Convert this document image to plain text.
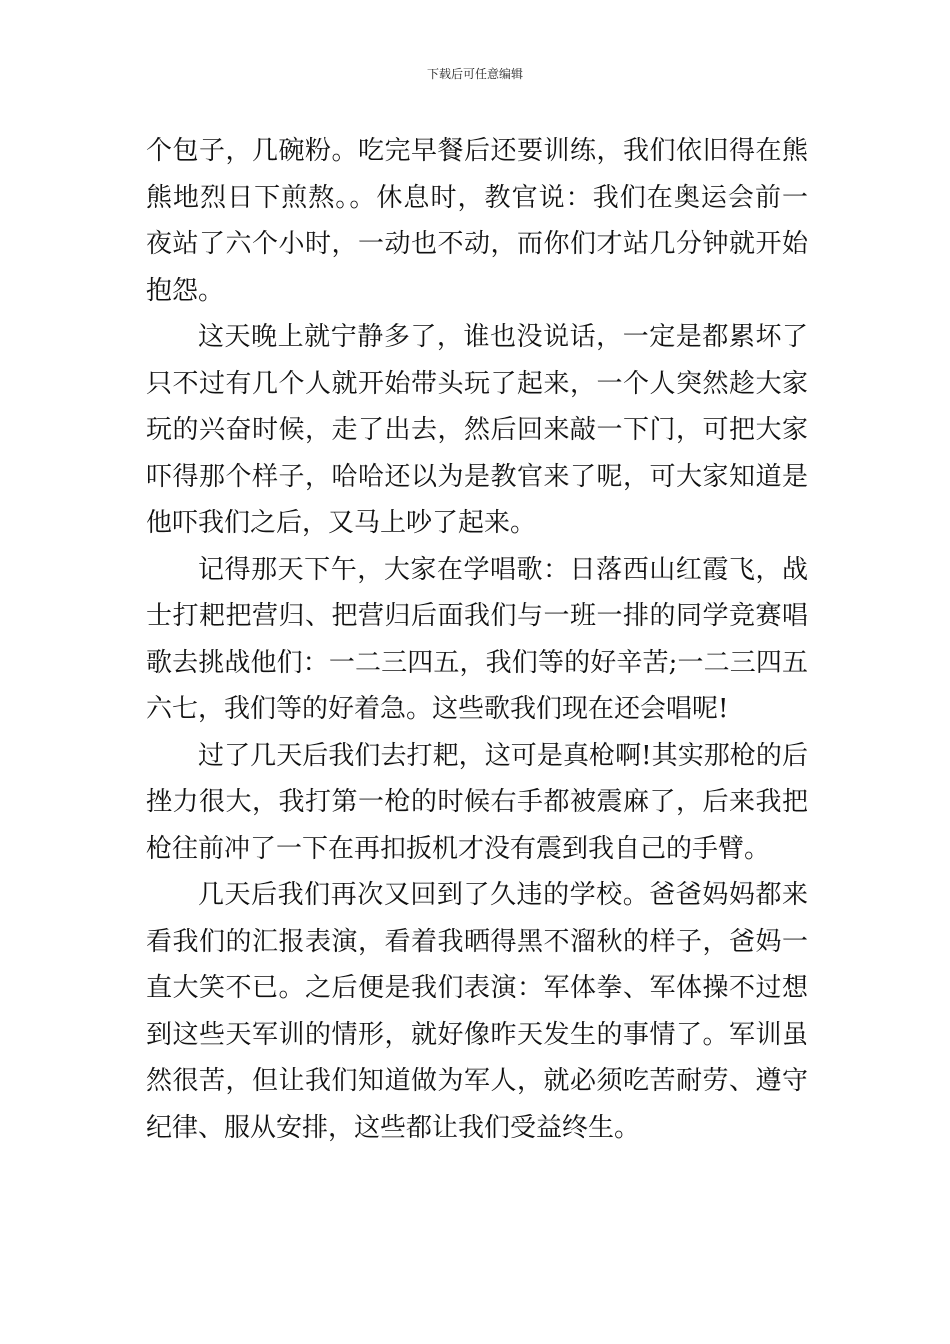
下载后可任意编辑

个包子，几碗粉。吃完早餐后还要训练，我们依旧得在熊熊地烈日下煎熬。。休息时，教官说：我们在奥运会前一夜站了六个小时，一动也不动，而你们才站几分钟就开始抱怨。

这天晚上就宁静多了，谁也没说话，一定是都累坏了只不过有几个人就开始带头玩了起来，一个人突然趁大家玩的兴奋时候，走了出去，然后回来敲一下门，可把大家吓得那个样子，哈哈还以为是教官来了呢，可大家知道是他吓我们之后，又马上吵了起来。

记得那天下午，大家在学唱歌：日落西山红霞飞，战士打耙把营归、把营归后面我们与一班一排的同学竞赛唱歌去挑战他们：一二三四五，我们等的好辛苦;一二三四五六七，我们等的好着急。这些歌我们现在还会唱呢!

过了几天后我们去打耙，这可是真枪啊!其实那枪的后挫力很大，我打第一枪的时候右手都被震麻了，后来我把枪往前冲了一下在再扣扳机才没有震到我自己的手臂。

几天后我们再次又回到了久违的学校。爸爸妈妈都来看我们的汇报表演，看着我晒得黑不溜秋的样子，爸妈一直大笑不已。之后便是我们表演：军体拳、军体操不过想到这些天军训的情形，就好像昨天发生的事情了。军训虽然很苦，但让我们知道做为军人，就必须吃苦耐劳、遵守纪律、服从安排，这些都让我们受益终生。
